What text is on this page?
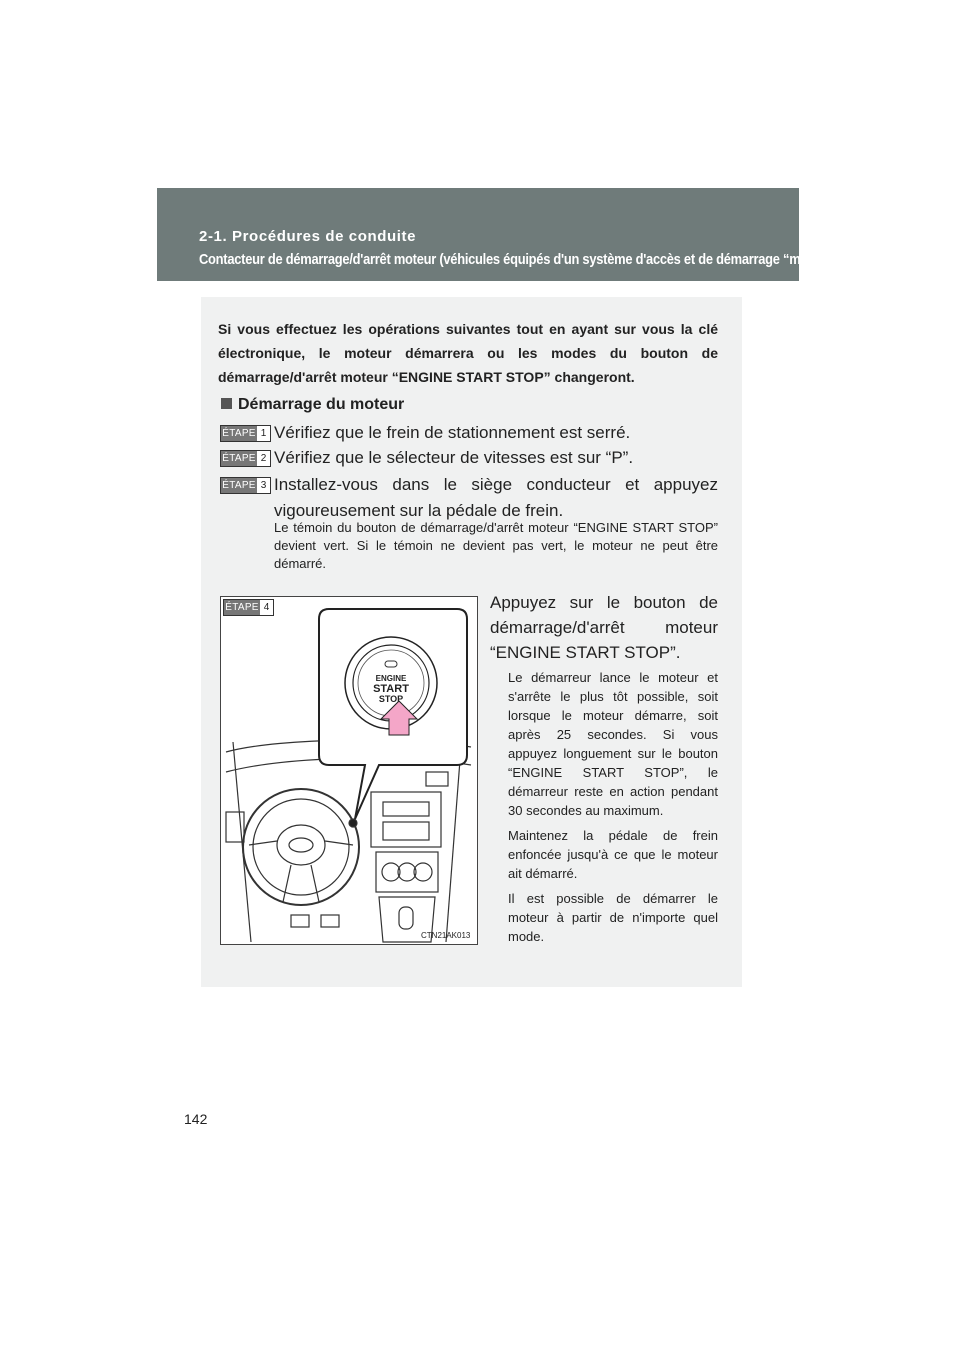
2-1. Procédures de conduite
Contacteur de démarrage/d'arrêt moteur (véhicules équipés d'un système d'accès et de démarrage “mains libres”)
Si vous effectuez les opérations suivantes tout en ayant sur vous la clé électronique, le moteur démarrera ou les modes du bouton de démarrage/d'arrêt moteur “ENGINE START STOP” changeront.
Démarrage du moteur
ÉTAPE 1 Vérifiez que le frein de stationnement est serré.
ÉTAPE 2 Vérifiez que le sélecteur de vitesses est sur “P”.
ÉTAPE 3 Installez-vous dans le siège conducteur et appuyez vigoureusement sur la pédale de frein.
Le témoin du bouton de démarrage/d'arrêt moteur “ENGINE START STOP” devient vert. Si le témoin ne devient pas vert, le moteur ne peut être démarré.
ÉTAPE 4
ENGINE
START
STOP
CTN21AK013
Appuyez sur le bouton de démarrage/d'arrêt moteur “ENGINE START STOP”.

Le démarreur lance le moteur et s'arrête le plus tôt possible, soit lorsque le moteur démarre, soit après 25 secondes. Si vous appuyez longuement sur le bouton “ENGINE START STOP”, le démarreur reste en action pendant 30 secondes au maximum.

Maintenez la pédale de frein enfoncée jusqu'à ce que le moteur ait démarré.

Il est possible de démarrer le moteur à partir de n'importe quel mode.

142
